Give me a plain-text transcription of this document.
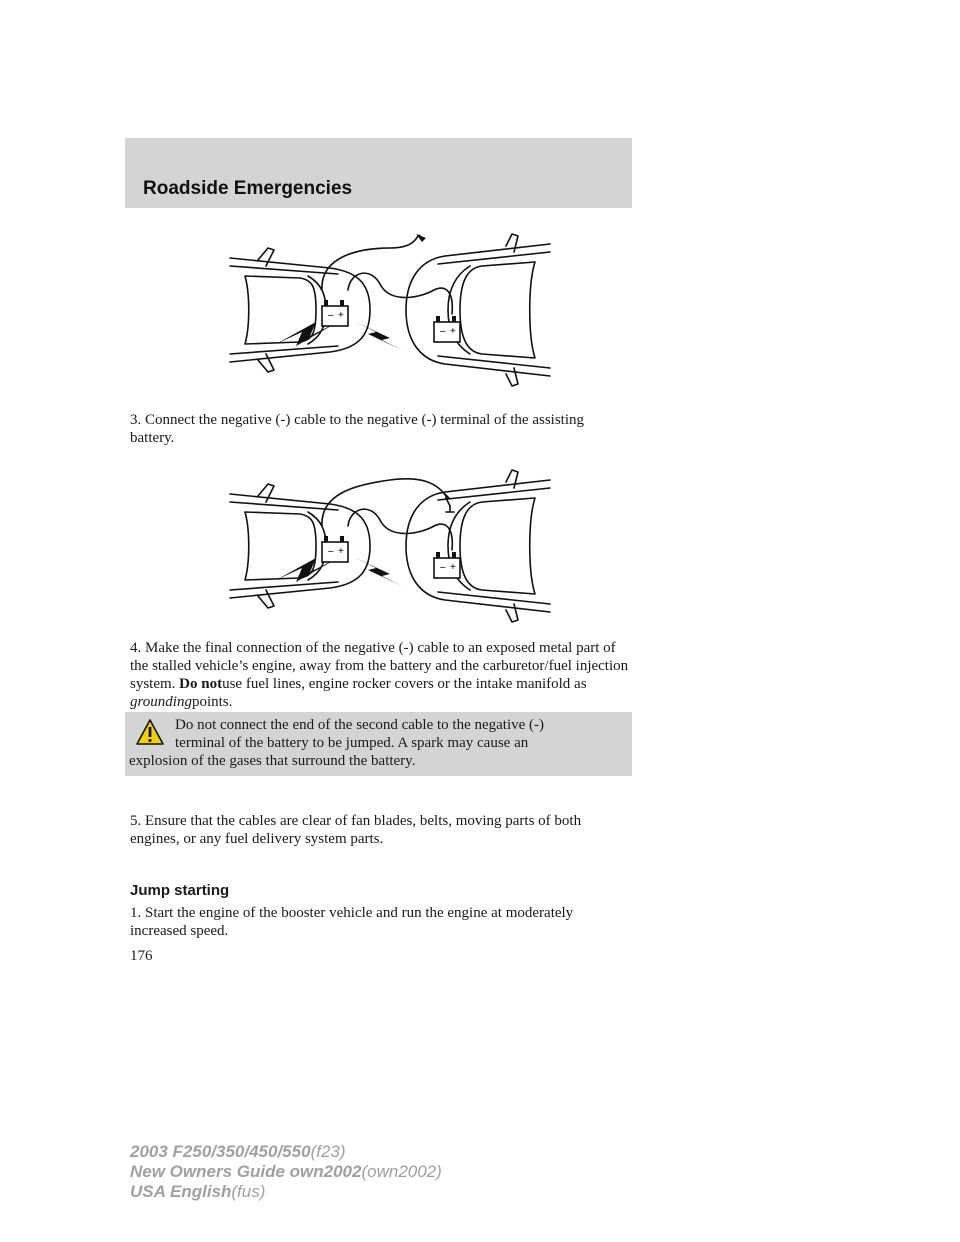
Roadside Emergencies
– +
– +

3. Connect the negative (-) cable to the negative (-) terminal of the assisting battery.

– +
– +

4. Make the final connection of the negative (-) cable to an exposed metal part of the stalled vehicle’s engine, away from the battery and the carburetor/fuel injection system. Do notuse fuel lines, engine rocker covers or the intake manifold as groundingpoints.

Do not connect the end of the second cable to the negative (-)
terminal of the battery to be jumped. A spark may cause an
explosion of the gases that surround the battery.

5. Ensure that the cables are clear of fan blades, belts, moving parts of both engines, or any fuel delivery system parts.

Jump starting

1. Start the engine of the booster vehicle and run the engine at moderately increased speed.

176
2003 F250/350/450/550(f23)
New Owners Guide own2002(own2002)
USA English(fus)
